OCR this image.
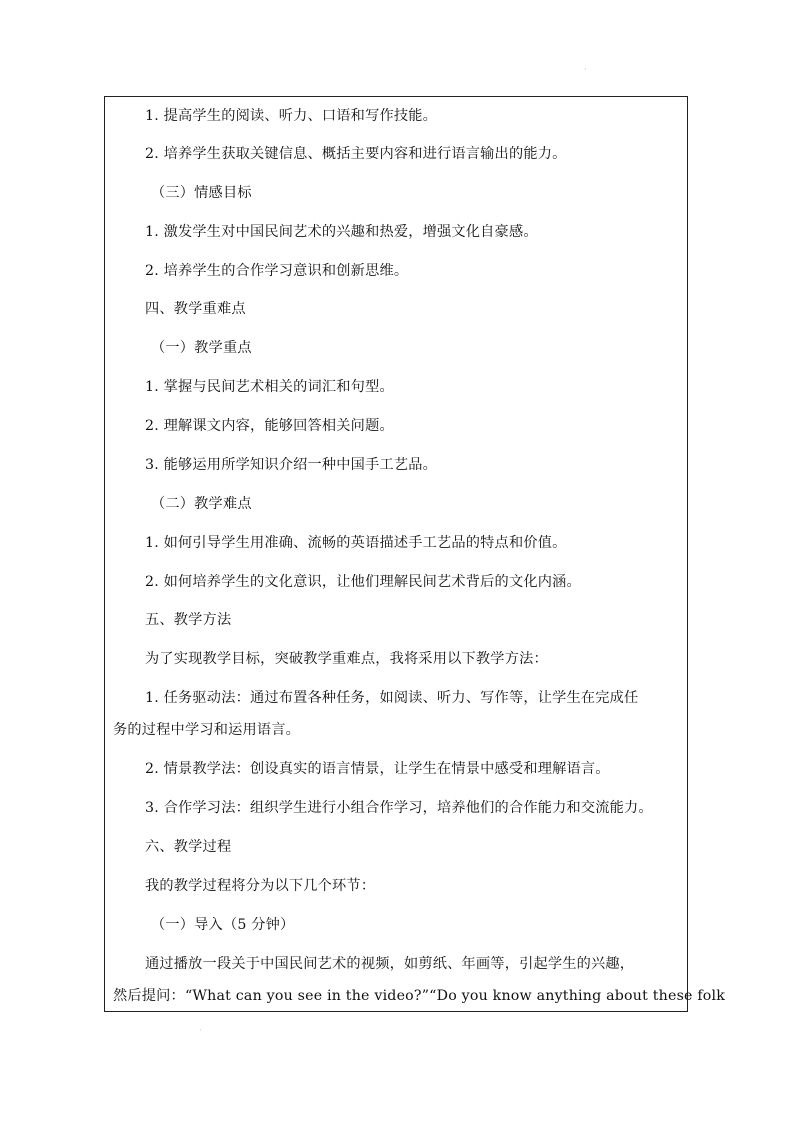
·
1. 提高学生的阅读、听力、口语和写作技能。
2. 培养学生获取关键信息、概括主要内容和进行语言输出的能力。
（三）情感目标
1. 激发学生对中国民间艺术的兴趣和热爱，增强文化自豪感。
2. 培养学生的合作学习意识和创新思维。
四、教学重难点
（一）教学重点
1. 掌握与民间艺术相关的词汇和句型。
2. 理解课文内容，能够回答相关问题。
3. 能够运用所学知识介绍一种中国手工艺品。
（二）教学难点
1. 如何引导学生用准确、流畅的英语描述手工艺品的特点和价值。
2. 如何培养学生的文化意识，让他们理解民间艺术背后的文化内涵。
五、教学方法
为了实现教学目标，突破教学重难点，我将采用以下教学方法：
1. 任务驱动法：通过布置各种任务，如阅读、听力、写作等，让学生在完成任
务的过程中学习和运用语言。
2. 情景教学法：创设真实的语言情景，让学生在情景中感受和理解语言。
3. 合作学习法：组织学生进行小组合作学习，培养他们的合作能力和交流能力。
六、教学过程
我的教学过程将分为以下几个环节：
（一）导入（5 分钟）
通过播放一段关于中国民间艺术的视频，如剪纸、年画等，引起学生的兴趣，
然后提问：“What can you see in the video?”“Do you know anything about these folk
·
